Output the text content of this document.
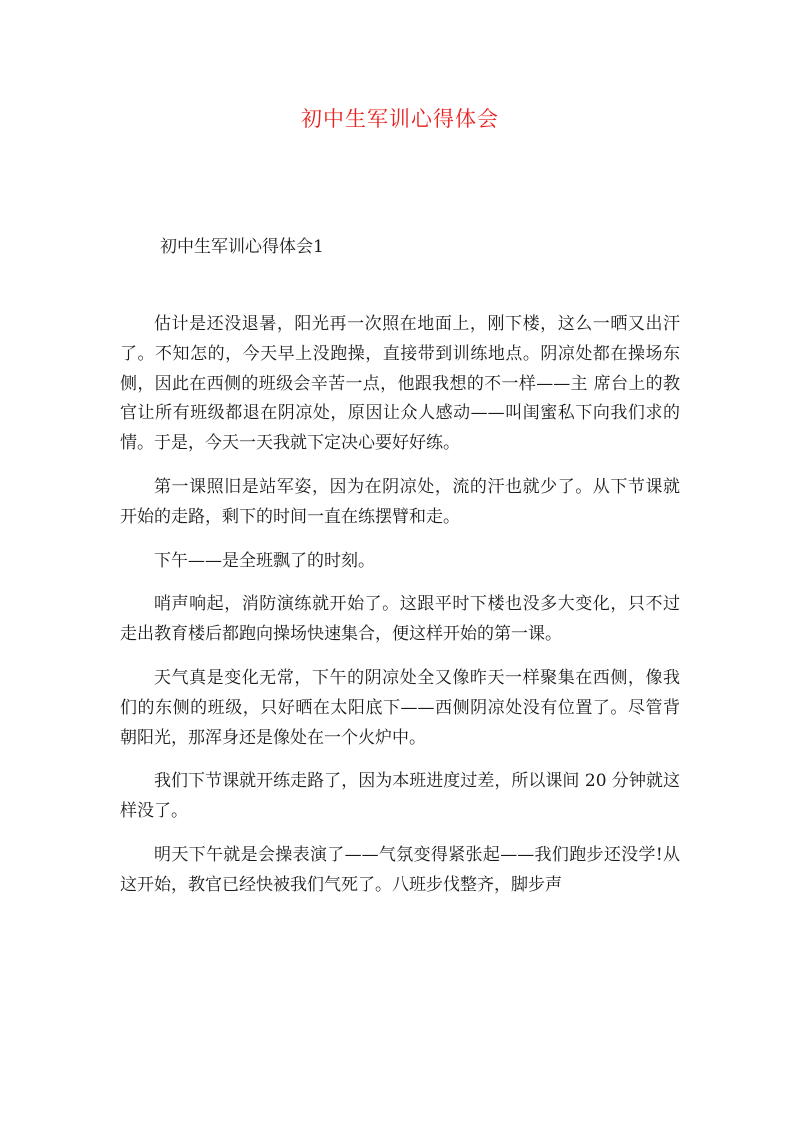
初中生军训心得体会
初中生军训心得体会1

估计是还没退暑，阳光再一次照在地面上，刚下楼，这么一晒又出汗了。不知怎的，今天早上没跑操，直接带到训练地点。阴凉处都在操场东侧，因此在西侧的班级会辛苦一点，他跟我想的不一样——主 席台上的教官让所有班级都退在阴凉处，原因让众人感动——叫闺蜜私下向我们求的情。于是，今天一天我就下定决心要好好练。

第一课照旧是站军姿，因为在阴凉处，流的汗也就少了。从下节课就开始的走路，剩下的时间一直在练摆臂和走。

下午——是全班飘了的时刻。

哨声响起，消防演练就开始了。这跟平时下楼也没多大变化，只不过走出教育楼后都跑向操场快速集合，便这样开始的第一课。

天气真是变化无常，下午的阴凉处全又像昨天一样聚集在西侧，像我们的东侧的班级，只好晒在太阳底下——西侧阴凉处没有位置了。尽管背朝阳光，那浑身还是像处在一个火炉中。

我们下节课就开练走路了，因为本班进度过差，所以课间 20 分钟就这样没了。

明天下午就是会操表演了——气氛变得紧张起——我们跑步还没学!从这开始，教官已经快被我们气死了。八班步伐整齐，脚步声
